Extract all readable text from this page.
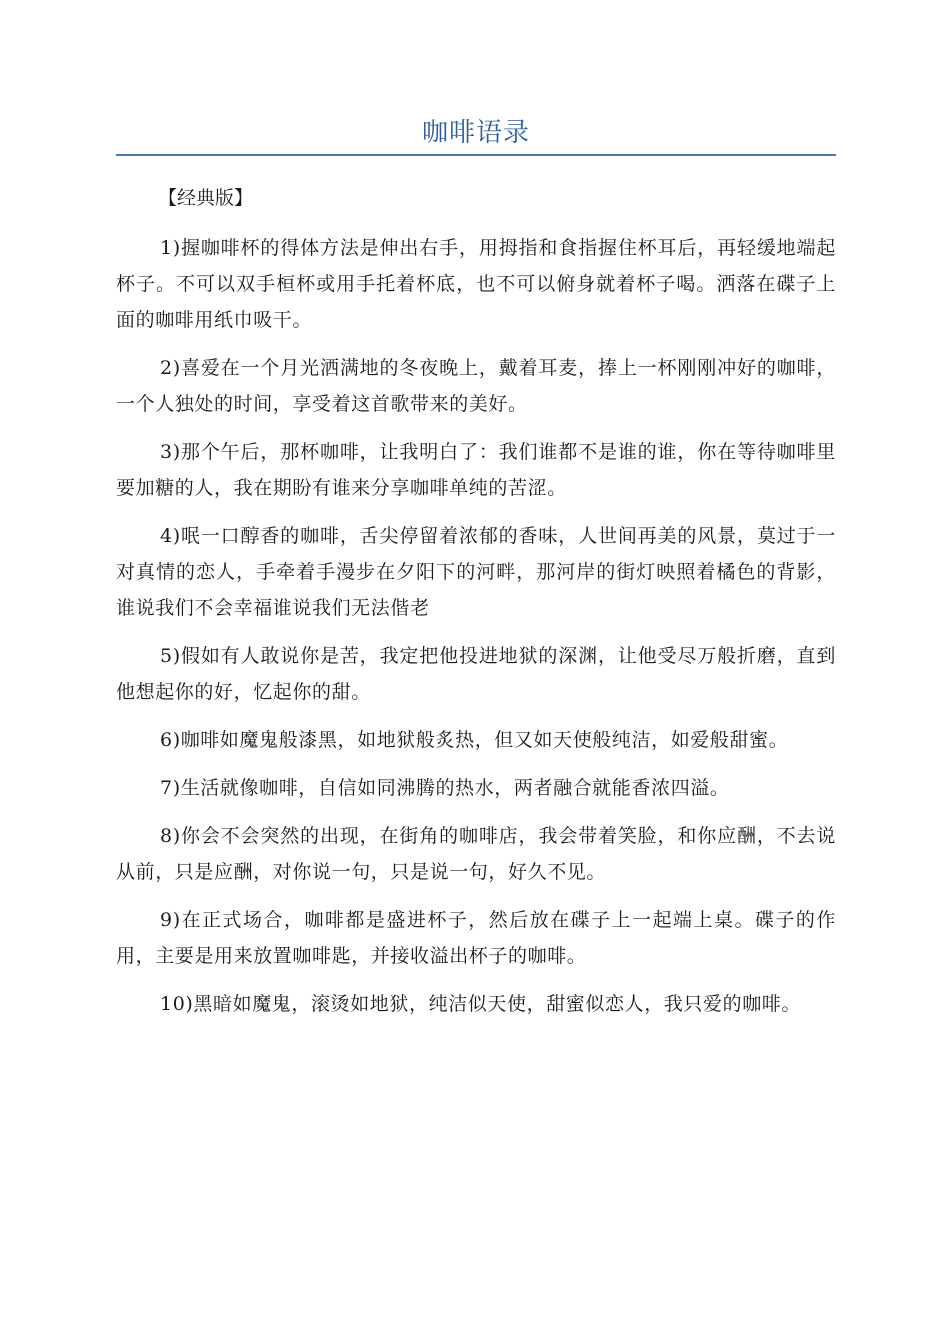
咖啡语录

【经典版】

1)握咖啡杯的得体方法是伸出右手，用拇指和食指握住杯耳后，再轻缓地端起杯子。不可以双手桓杯或用手托着杯底，也不可以俯身就着杯子喝。洒落在碟子上面的咖啡用纸巾吸干。

2)喜爱在一个月光洒满地的冬夜晚上，戴着耳麦，捧上一杯刚刚冲好的咖啡，一个人独处的时间，享受着这首歌带来的美好。

3)那个午后，那杯咖啡，让我明白了：我们谁都不是谁的谁，你在等待咖啡里要加糖的人，我在期盼有谁来分享咖啡单纯的苦涩。

4)呡一口醇香的咖啡，舌尖停留着浓郁的香味，人世间再美的风景，莫过于一对真情的恋人，手牵着手漫步在夕阳下的河畔，那河岸的街灯映照着橘色的背影，谁说我们不会幸福谁说我们无法偕老

5)假如有人敢说你是苦，我定把他投进地狱的深渊，让他受尽万般折磨，直到他想起你的好，忆起你的甜。

6)咖啡如魔鬼般漆黑，如地狱般炙热，但又如天使般纯洁，如爱般甜蜜。

7)生活就像咖啡，自信如同沸腾的热水，两者融合就能香浓四溢。

8)你会不会突然的出现，在街角的咖啡店，我会带着笑脸，和你应酬，不去说从前，只是应酬，对你说一句，只是说一句，好久不见。

9)在正式场合，咖啡都是盛进杯子，然后放在碟子上一起端上桌。碟子的作用，主要是用来放置咖啡匙，并接收溢出杯子的咖啡。

10)黑暗如魔鬼，滚烫如地狱，纯洁似天使，甜蜜似恋人，我只爱的咖啡。
